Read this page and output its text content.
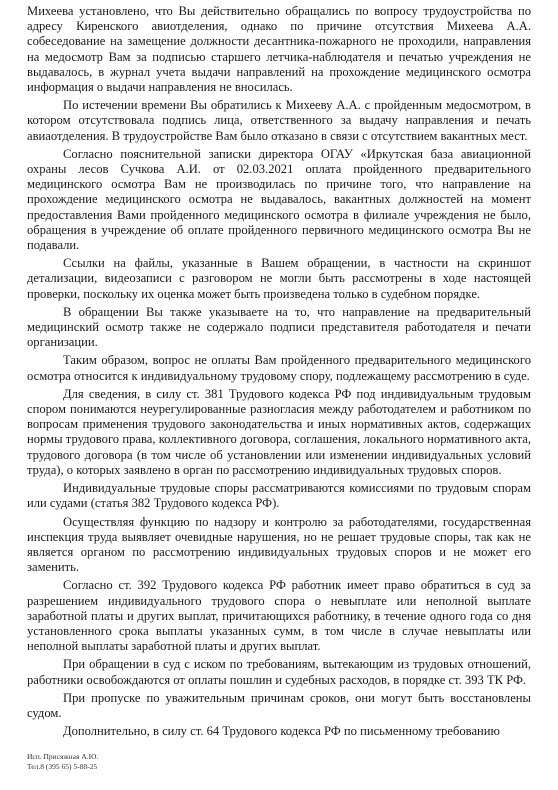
Михеева установлено, что Вы действительно обращались по вопросу трудоустройства по адресу Киренского авиотделения, однако по причине отсутствия Михеева А.А. собеседование на замещение должности десантника-пожарного не проходили, направления на медосмотр Вам за подписью старшего летчика-наблюдателя и печатью учреждения не выдавалось, в журнал учета выдачи направлений на прохождение медицинского осмотра информация о выдачи направления не вносилась.

По истечении времени Вы обратились к Михееву А.А. с пройденным медосмотром, в котором отсутствовала подпись лица, ответственного за выдачу направления и печать авиаотделения. В трудоустройстве Вам было отказано в связи с отсутствием вакантных мест.

Согласно пояснительной записки директора ОГАУ «Иркутская база авиационной охраны лесов Сучкова А.И. от 02.03.2021 оплата пройденного предварительного медицинского осмотра Вам не производилась по причине того, что направление на прохождение медицинского осмотра не выдавалось, вакантных должностей на момент предоставления Вами пройденного медицинского осмотра в филиале учреждения не было, обращения в учреждение об оплате пройденного первичного медицинского осмотра Вы не подавали.

Ссылки на файлы, указанные в Вашем обращении, в частности на скриншот детализации, видеозаписи с разговором не могли быть рассмотрены в ходе настоящей проверки, поскольку их оценка может быть произведена только в судебном порядке.

В обращении Вы также указываете на то, что направление на предварительный медицинский осмотр также не содержало подписи представителя работодателя и печати организации.

Таким образом, вопрос не оплаты Вам пройденного предварительного медицинского осмотра относится к индивидуальному трудовому спору, подлежащему рассмотрению в суде.

Для сведения, в силу ст. 381 Трудового кодекса РФ под индивидуальным трудовым спором понимаются неурегулированные разногласия между работодателем и работником по вопросам применения трудового законодательства и иных нормативных актов, содержащих нормы трудового права, коллективного договора, соглашения, локального нормативного акта, трудового договора (в том числе об установлении или изменении индивидуальных условий труда), о которых заявлено в орган по рассмотрению индивидуальных трудовых споров.

Индивидуальные трудовые споры рассматриваются комиссиями по трудовым спорам или судами (статья 382 Трудового кодекса РФ).

Осуществляя функцию по надзору и контролю за работодателями, государственная инспекция труда выявляет очевидные нарушения, но не решает трудовые споры, так как не является органом по рассмотрению индивидуальных трудовых споров и не может его заменить.

Согласно ст. 392 Трудового кодекса РФ работник имеет право обратиться в суд за разрешением индивидуального трудового спора о невыплате или неполной выплате заработной платы и других выплат, причитающихся работнику, в течение одного года со дня установленного срока выплаты указанных сумм, в том числе в случае невыплаты или неполной выплаты заработной платы и других выплат.

При обращении в суд с иском по требованиям, вытекающим из трудовых отношений, работники освобождаются от оплаты пошлин и судебных расходов, в порядке ст. 393 ТК РФ.

При пропуске по уважительным причинам сроков, они могут быть восстановлены судом.

Дополнительно, в силу ст. 64 Трудового кодекса РФ по письменному требованию

Исп. Присяжная А.Ю.
Тел.8 (395 65) 5-88-25
